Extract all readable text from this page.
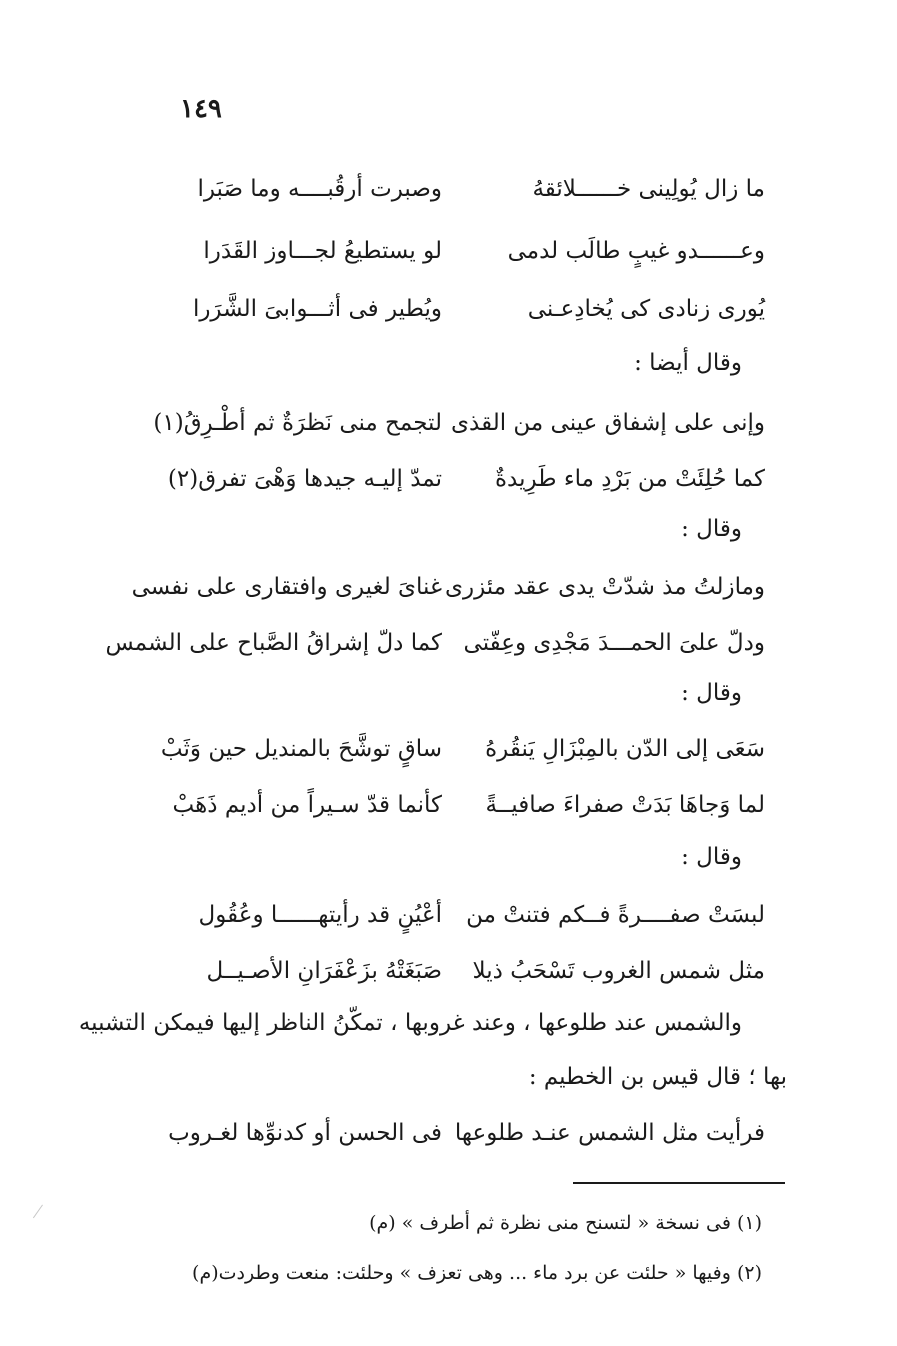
١٤٩
ما زال يُولِينى خــــــلائقهُ
وصبرت أرقُبــــه وما صَبَرا
وعــــــدو غيبٍ طالَب لدمى
لو يستطيعُ لجـــاوز القَدَرا
يُورى زنادى كى يُخادِعـنى
ويُطير فى أثـــوابىَ الشَّرَرا
وقال أيضا :
وإنى على إشفاق عينى من القذى
لتجمح منى نَظرَةٌ ثم أطْـرِقُ(١)
كما حُلِئَتْ من بَرْدِ ماء طَرِيدةٌ
تمدّ إليـه جيدها وَهْىَ تفرق(٢)
وقال :
ومازلتُ مذ شدّتْ يدى عقد مئزرى
غناىَ لغيرى وافتقارى على نفسى
ودلّ علىَ الحمـــدَ مَجْدِى وعِفّتى
كما دلّ إشراقُ الصَّباح على الشمس
وقال :
سَعَى إلى الدّن بالمِبْزَالِ يَنقُرهُ
ساقٍ توشَّحَ بالمنديل حين وَثَبْ
لما وَجاهَا بَدَتْ صفراءَ صافيــةً
كأنما قدّ سـيراً من أديم ذَهَبْ
وقال :
لبسَتْ صفــــرةً فــكم فتنتْ من
أعْيُنٍ قد رأيتهــــــا وعُقُول
مثل شمس الغروب تَسْحَبُ ذيلا
صَبَغَتْهُ بزَعْفَرَانِ الأصـيــل
والشمس عند طلوعها ، وعند غروبها ، تمكّنُ الناظر إليها فيمكن التشبيه
بها ؛ قال قيس بن الخطيم :
فرأيت مثل الشمس عنـد طلوعها
فى الحسن أو كدنوِّها لغـروب
(١) فى نسخة « لتسنح منى نظرة ثم أطرف » (م)
(٢) وفيها « حلئت عن برد ماء ... وهى تعزف » وحلئت: منعت وطردت(م)
